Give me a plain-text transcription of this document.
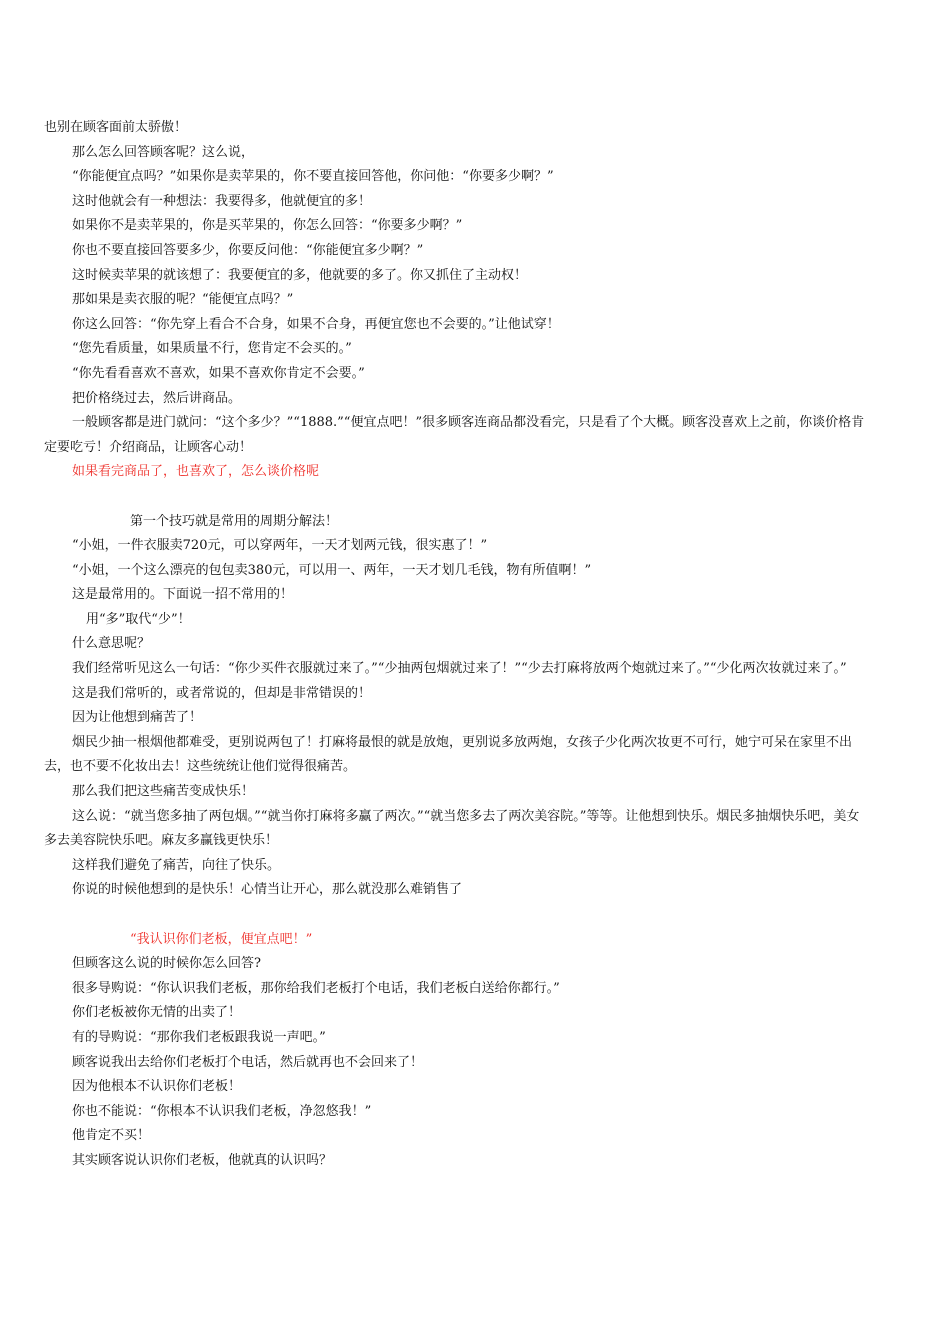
也别在顾客面前太骄傲！

那么怎么回答顾客呢？这么说，

“你能便宜点吗？”如果你是卖苹果的，你不要直接回答他，你问他：“你要多少啊？”

这时他就会有一种想法：我要得多，他就便宜的多！

如果你不是卖苹果的，你是买苹果的，你怎么回答：“你要多少啊？”

你也不要直接回答要多少，你要反问他：“你能便宜多少啊？”

这时候卖苹果的就该想了：我要便宜的多，他就要的多了。你又抓住了主动权！

那如果是卖衣服的呢？“能便宜点吗？”

你这么回答：“你先穿上看合不合身，如果不合身，再便宜您也不会要的。”让他试穿！

“您先看质量，如果质量不行，您肯定不会买的。”

“你先看看喜欢不喜欢，如果不喜欢你肯定不会要。”

把价格绕过去，然后讲商品。

一般顾客都是进门就问：“这个多少？”“1888.”“便宜点吧！”很多顾客连商品都没看完，只是看了个大概。顾客没喜欢上之前，你谈价格肯定要吃亏！介绍商品，让顾客心动！

如果看完商品了，也喜欢了，怎么谈价格呢

第一个技巧就是常用的周期分解法！

“小姐，一件衣服卖720元，可以穿两年，一天才划两元钱，很实惠了！”

“小姐，一个这么漂亮的包包卖380元，可以用一、两年，一天才划几毛钱，物有所值啊！”

这是最常用的。下面说一招不常用的！

用“多”取代“少”！

什么意思呢？

我们经常听见这么一句话：“你少买件衣服就过来了。”“少抽两包烟就过来了！”“少去打麻将放两个炮就过来了。”“少化两次妆就过来了。”

这是我们常听的，或者常说的，但却是非常错误的！

因为让他想到痛苦了！

烟民少抽一根烟他都难受，更别说两包了！打麻将最恨的就是放炮，更别说多放两炮，女孩子少化两次妆更不可行，她宁可呆在家里不出去，也不要不化妆出去！这些统统让他们觉得很痛苦。

那么我们把这些痛苦变成快乐！

这么说：“就当您多抽了两包烟。”“就当你打麻将多赢了两次。”“就当您多去了两次美容院。”等等。让他想到快乐。烟民多抽烟快乐吧，美女多去美容院快乐吧。麻友多赢钱更快乐！

这样我们避免了痛苦，向往了快乐。

你说的时候他想到的是快乐！心情当让开心，那么就没那么难销售了

“我认识你们老板，便宜点吧！”

但顾客这么说的时候你怎么回答?

很多导购说：“你认识我们老板，那你给我们老板打个电话，我们老板白送给你都行。”

你们老板被你无情的出卖了！

有的导购说：“那你我们老板跟我说一声吧。”

顾客说我出去给你们老板打个电话，然后就再也不会回来了！

因为他根本不认识你们老板！

你也不能说：“你根本不认识我们老板，净忽悠我！”

他肯定不买！

其实顾客说认识你们老板，他就真的认识吗？
